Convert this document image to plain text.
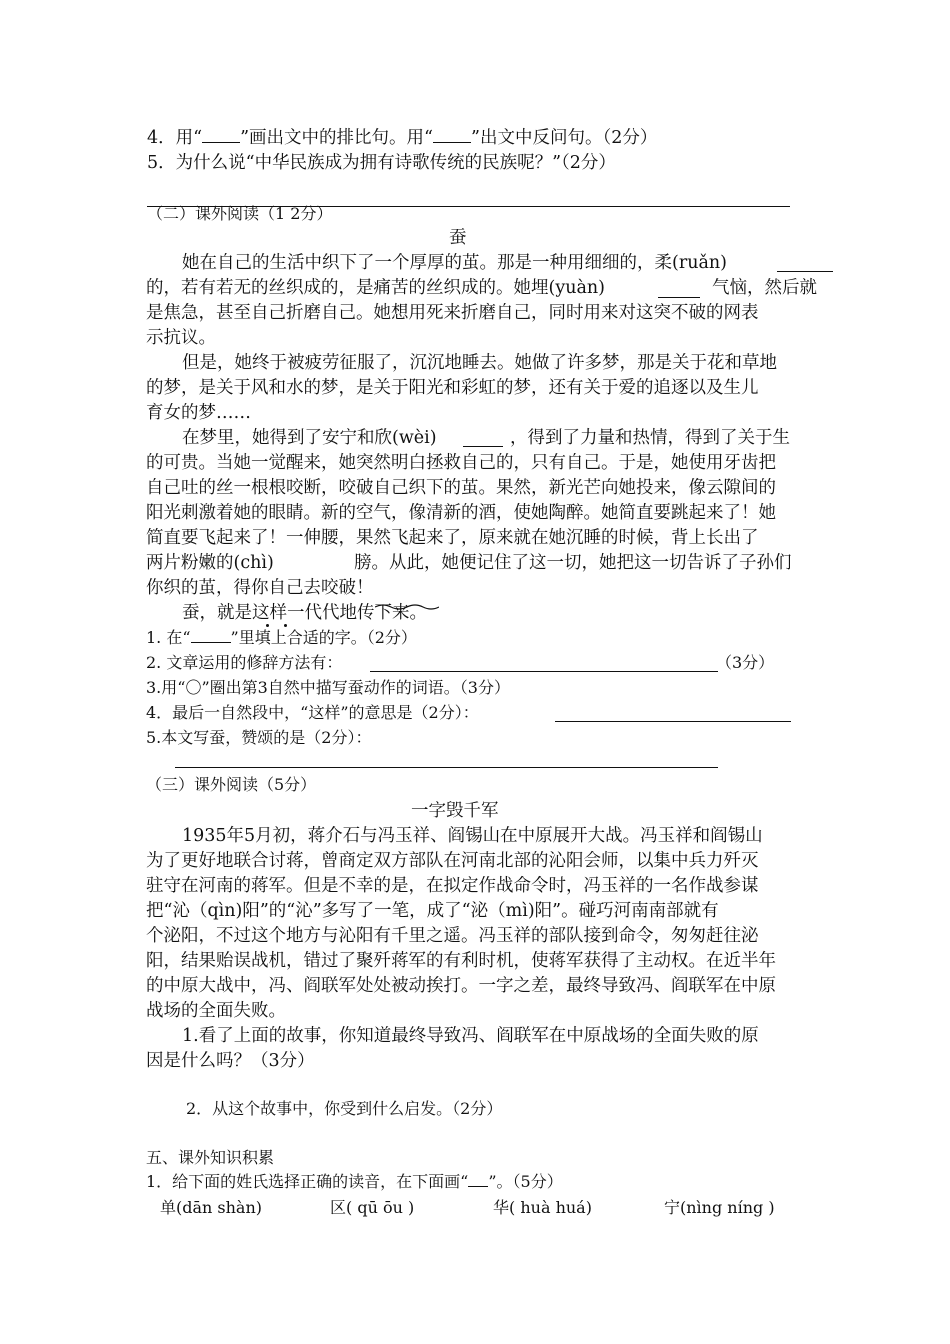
4．用“ ”画出文中的排比句。用“ ”出文中反问句。（2分）
5．为什么说“中华民族成为拥有诗歌传统的民族呢？”（2分）
（二）课外阅读（1 2分）
蚕
她在自己的生活中织下了一个厚厚的茧。那是一种用细细的，柔(ruǎn)
的，若有若无的丝织成的，是痛苦的丝织成的。她埋(yuàn)	气恼，然后就
是焦急，甚至自己折磨自己。她想用死来折磨自己，同时用来对这突不破的网表
示抗议。
但是，她终于被疲劳征服了，沉沉地睡去。她做了许多梦，那是关于花和草地
的梦，是关于风和水的梦，是关于阳光和彩虹的梦，还有关于爱的追逐以及生儿
育女的梦……
在梦里，她得到了安宁和欣(wèi)	，得到了力量和热情，得到了关于生
的可贵。当她一觉醒来，她突然明白拯救自己的，只有自己。于是，她使用牙齿把
自己吐的丝一根根咬断，咬破自己织下的茧。果然，新光芒向她投来，像云隙间的
阳光刺激着她的眼睛。新的空气，像清新的酒，使她陶醉。她简直要跳起来了！她
简直要飞起来了！一伸腰，果然飞起来了，原来就在她沉睡的时候，背上长出了
两片粉嫩的(chì)	膀。从此，她便记住了这一切，她把这一切告诉了子孙们
你织的茧，得你自己去咬破！
蚕，就是这样一代代地传下来。
1. 在“	”里填上合适的字。（2分）
2. 文章运用的修辞方法有：	（3分）
3.用“〇”圈出第3自然中描写蚕动作的词语。（3分）
4．最后一自然段中，“这样”的意思是（2分）：
5.本文写蚕，赞颂的是（2分）：
（三）课外阅读（5分）
一字毁千军
1935年5月初，蒋介石与冯玉祥、阎锡山在中原展开大战。冯玉祥和阎锡山
为了更好地联合讨蒋，曾商定双方部队在河南北部的沁阳会师，以集中兵力歼灭
驻守在河南的蒋军。但是不幸的是，在拟定作战命令时，冯玉祥的一名作战参谋
把“沁（qìn)阳”的“沁”多写了一笔，成了“泌（mì)阳”。碰巧河南南部就有
个泌阳，不过这个地方与沁阳有千里之遥。冯玉祥的部队接到命令，匆匆赶往泌
阳，结果贻误战机，错过了聚歼蒋军的有利时机，使蒋军获得了主动权。在近半年
的中原大战中，冯、阎联军处处被动挨打。一字之差，最终导致冯、阎联军在中原
战场的全面失败。
1.看了上面的故事，你知道最终导致冯、阎联军在中原战场的全面失败的原
因是什么吗？（3分）
2．从这个故事中，你受到什么启发。（2分）
五、课外知识积累
1．给下面的姓氏选择正确的读音，在下面画“ ”。（5分）
单(dān shàn)	区( qū ōu )	华( huà huá)	宁(nìng níng )
